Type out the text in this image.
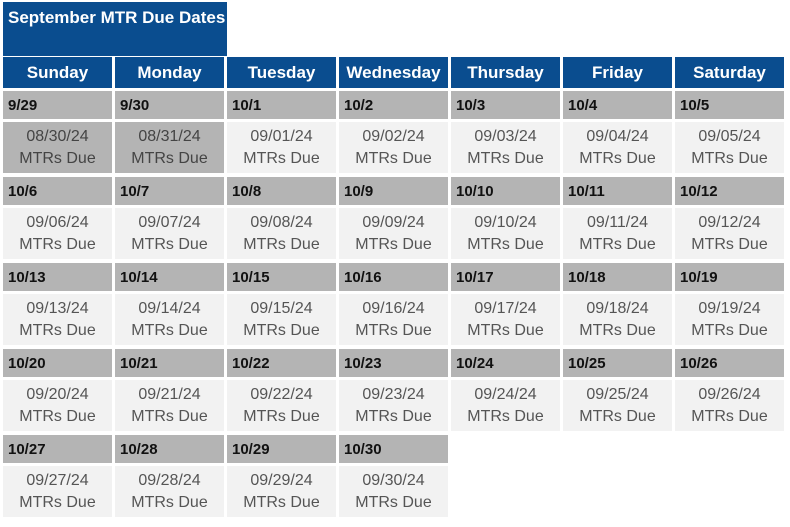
September MTR Due Dates
Sunday	Monday	Tuesday	Wednesday	Thursday	Friday	Saturday
9/29	9/30	10/1	10/2	10/3	10/4	10/5
08/30/24
MTRs Due
08/31/24
MTRs Due
09/01/24
MTRs Due
09/02/24
MTRs Due
09/03/24
MTRs Due
09/04/24
MTRs Due
09/05/24
MTRs Due
10/6	10/7	10/8	10/9	10/10	10/11	10/12
09/06/24
MTRs Due
09/07/24
MTRs Due
09/08/24
MTRs Due
09/09/24
MTRs Due
09/10/24
MTRs Due
09/11/24
MTRs Due
09/12/24
MTRs Due
10/13	10/14	10/15	10/16	10/17	10/18	10/19
09/13/24
MTRs Due
09/14/24
MTRs Due
09/15/24
MTRs Due
09/16/24
MTRs Due
09/17/24
MTRs Due
09/18/24
MTRs Due
09/19/24
MTRs Due
10/20	10/21	10/22	10/23	10/24	10/25	10/26
09/20/24
MTRs Due
09/21/24
MTRs Due
09/22/24
MTRs Due
09/23/24
MTRs Due
09/24/24
MTRs Due
09/25/24
MTRs Due
09/26/24
MTRs Due
10/27	10/28	10/29	10/30
09/27/24
MTRs Due
09/28/24
MTRs Due
09/29/24
MTRs Due
09/30/24
MTRs Due
